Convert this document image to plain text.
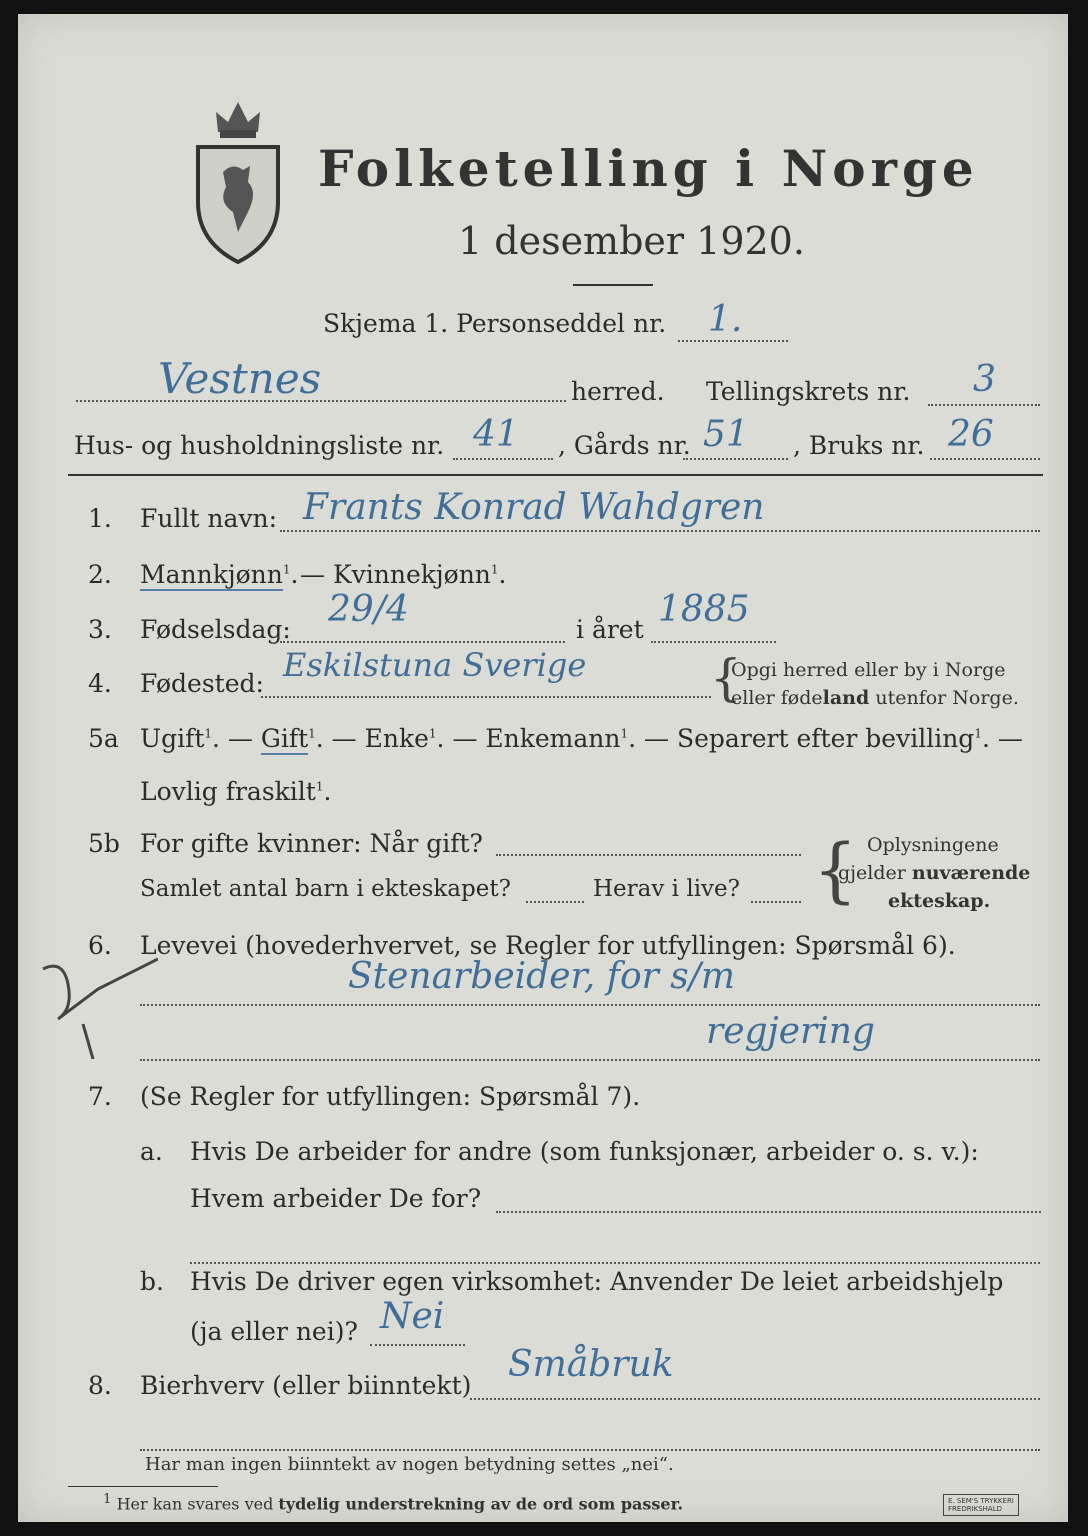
Folketelling i Norge
1 desember 1920.
Skjema 1. Personseddel nr. 1.
Vestnes	herred. Tellingskrets nr. 3
Hus- og husholdningsliste nr. 41 , Gårds nr. 51 , Bruks nr. 26
1. Fullt navn: Frants Konrad Wahdgren
2. Mannkjønn$^1$. — Kvinnekjønn$^1$.
3. Fødselsdag: 29/4	i året 1885
4. Fødested: Eskilstuna Sverige {
Opgi herred eller by i Norge
eller fødeland utenfor Norge.
5a Ugift$^1$. — Gift$^1$. — Enke$^1$. — Enkemann$^1$. — Separert efter bevilling$^1$. —
Lovlig fraskilt$^1$.
5b For gifte kvinner: Når gift?
Samlet antal barn i ekteskapet?	Herav i live? { Oplysningene
gjelder nuværende
ekteskap.
6. Levevei (hovederhvervet, se Regler for utfyllingen: Spørsmål 6).
Stenarbeider, for s/m
regjering
7. (Se Regler for utfyllingen: Spørsmål 7).
a. Hvis De arbeider for andre (som funksjonær, arbeider o. s. v.):
Hvem arbeider De for?
b. Hvis De driver egen virksomhet: Anvender De leiet arbeidshjelp
(ja eller nei)? Nei
8. Bierhverv (eller biinntekt)
Småbruk
Har man ingen biinntekt av nogen betydning settes „nei“.
$^1$ Her kan svares ved tydelig understrekning av de ord som passer.	E. SEM'S TRYKKERI
FREDRIKSHALD
